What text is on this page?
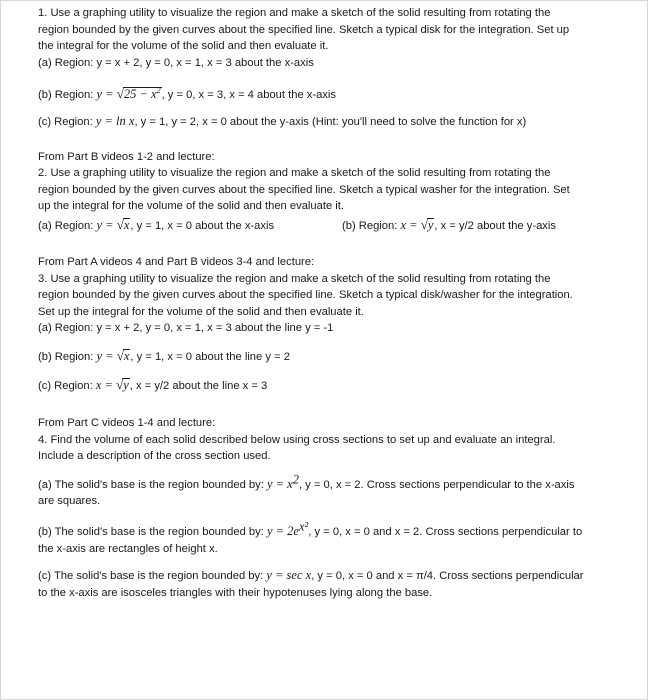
1. Use a graphing utility to visualize the region and make a sketch of the solid resulting from rotating the
region bounded by the given curves about the specified line. Sketch a typical disk for the integration. Set up
the integral for the volume of the solid and then evaluate it.
(a) Region: y = x + 2, y = 0, x = 1, x = 3 about the x-axis
(b) Region: $y = √25 - x^2$, y = 0, x = 3, x = 4 about the x-axis
(c) Region: y = ln x, y = 1, y = 2, x = 0 about the y-axis (Hint: you'll need to solve the function for x)
From Part B videos 1-2 and lecture:
2. Use a graphing utility to visualize the region and make a sketch of the solid resulting from rotating the
region bounded by the given curves about the specified line. Sketch a typical washer for the integration. Set
up the integral for the volume of the solid and then evaluate it.
(a) Region: y = √x, y = 1, x = 0 about the x-axis	(b) Region: x = √y, x = y/2 about the y-axis
From Part A videos 4 and Part B videos 3-4 and lecture:
3. Use a graphing utility to visualize the region and make a sketch of the solid resulting from rotating the
region bounded by the given curves about the specified line. Sketch a typical disk/washer for the integration.
Set up the integral for the volume of the solid and then evaluate it.
(a) Region: y = x + 2, y = 0, x = 1, x = 3 about the line y = -1
(b) Region: y = √x, y = 1, x = 0 about the line y = 2
(c) Region: x = √y, x = y/2 about the line x = 3
From Part C videos 1-4 and lecture:
4. Find the volume of each solid described below using cross sections to set up and evaluate an integral.
Include a description of the cross section used.
(a) The solid's base is the region bounded by: $y = x^2$, y = 0, x = 2. Cross sections perpendicular to the x-axis
are squares.
(b) The solid's base is the region bounded by: $y = 2e^{x^2}$, y = 0, x = 0 and x = 2. Cross sections perpendicular to
the x-axis are rectangles of height x.
(c) The solid's base is the region bounded by: y = sec x, y = 0, x = 0 and x = π/4. Cross sections perpendicular
to the x-axis are isosceles triangles with their hypotenuses lying along the base.
